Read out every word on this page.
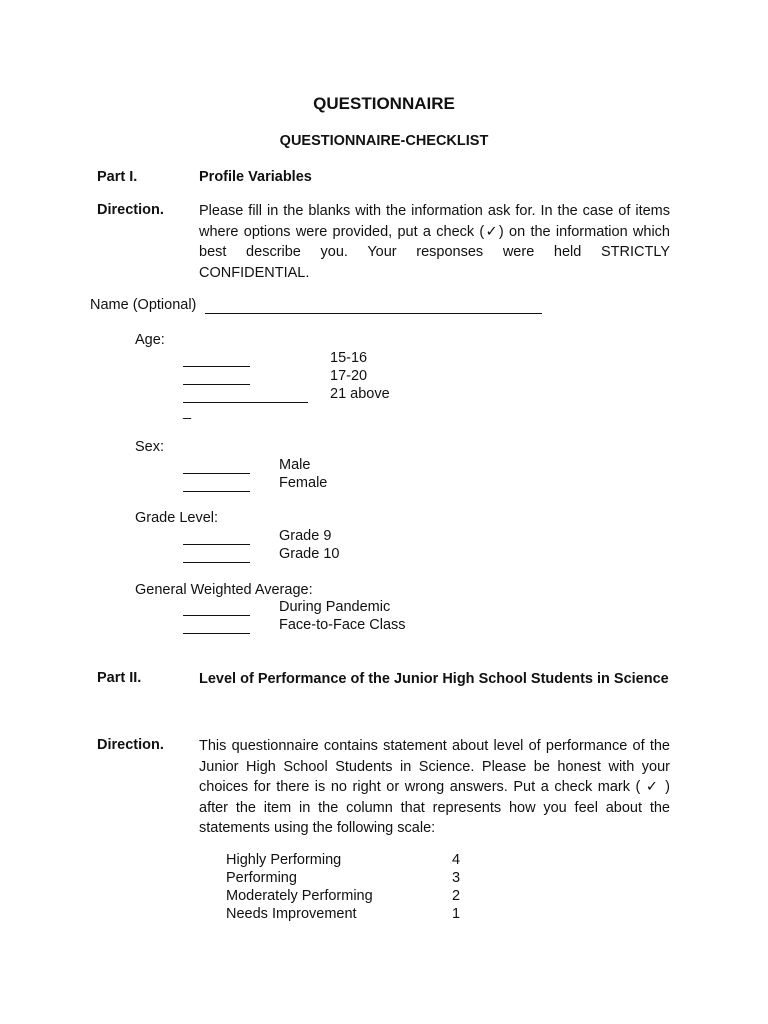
QUESTIONNAIRE
QUESTIONNAIRE-CHECKLIST
Part I.	Profile Variables
Direction. Please fill in the blanks with the information ask for. In the case of items where options were provided, put a check (✓) on the information which best describe you. Your responses were held STRICTLY CONFIDENTIAL.
Name (Optional)
Age:
15-16
17-20
21 above
_
Sex:
Male
Female
Grade Level:
Grade 9
Grade 10
General Weighted Average:
During Pandemic
Face-to-Face Class
Part II.	Level of Performance of the Junior High School Students in Science
Direction. This questionnaire contains statement about level of performance of the Junior High School Students in Science. Please be honest with your choices for there is no right or wrong answers. Put a check mark ( ✓ ) after the item in the column that represents how you feel about the statements using the following scale:
Highly Performing	4
Performing	3
Moderately Performing	2
Needs Improvement	1
